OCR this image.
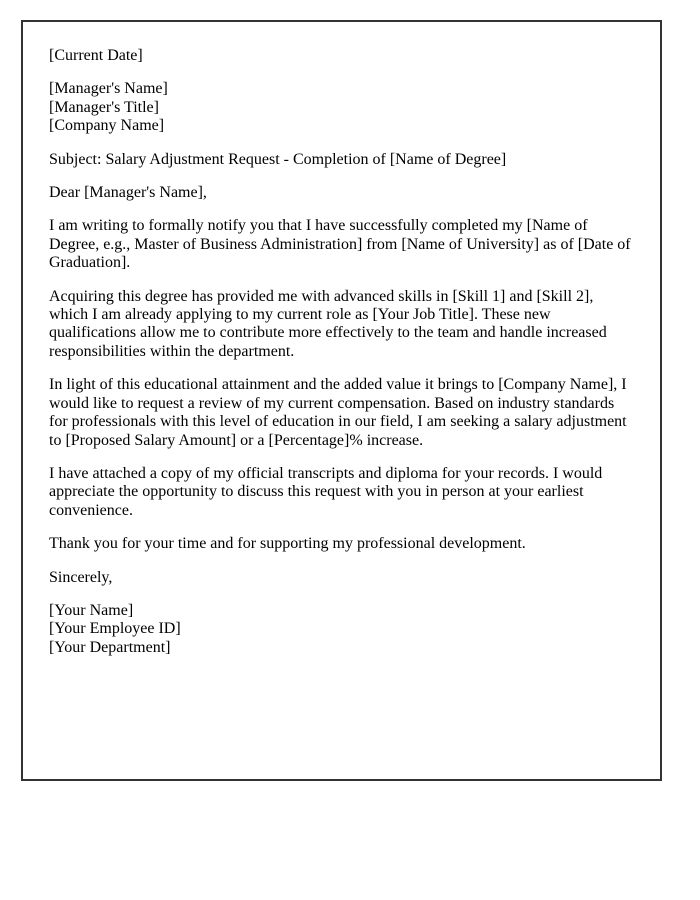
[Current Date]

[Manager's Name]
[Manager's Title]
[Company Name]

Subject: Salary Adjustment Request - Completion of [Name of Degree]

Dear [Manager's Name],

I am writing to formally notify you that I have successfully completed my [Name of
Degree, e.g., Master of Business Administration] from [Name of University] as of [Date of
Graduation].

Acquiring this degree has provided me with advanced skills in [Skill 1] and [Skill 2],
which I am already applying to my current role as [Your Job Title]. These new
qualifications allow me to contribute more effectively to the team and handle increased
responsibilities within the department.

In light of this educational attainment and the added value it brings to [Company Name], I
would like to request a review of my current compensation. Based on industry standards
for professionals with this level of education in our field, I am seeking a salary adjustment
to [Proposed Salary Amount] or a [Percentage]% increase.

I have attached a copy of my official transcripts and diploma for your records. I would
appreciate the opportunity to discuss this request with you in person at your earliest
convenience.

Thank you for your time and for supporting my professional development.

Sincerely,

[Your Name]
[Your Employee ID]
[Your Department]
